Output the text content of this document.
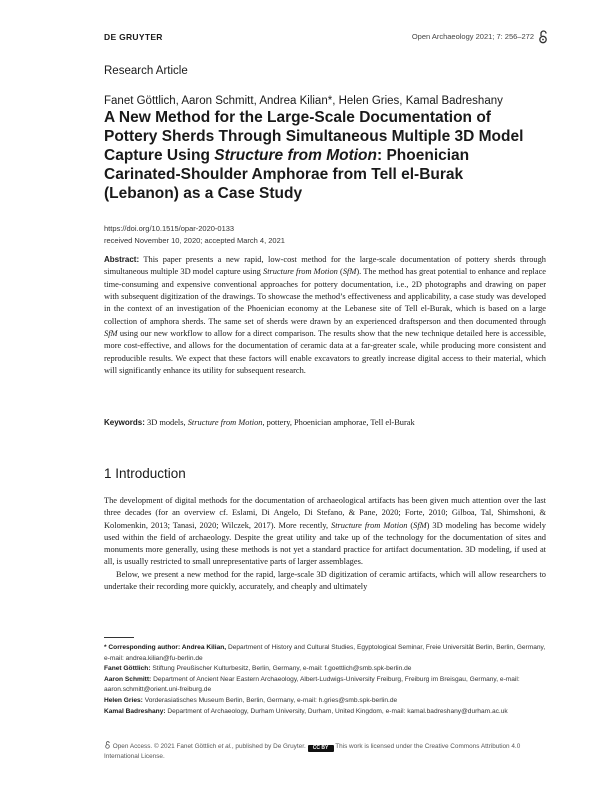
DE GRUYTER	Open Archaeology 2021; 7: 256–272
Research Article
Fanet Göttlich, Aaron Schmitt, Andrea Kilian*, Helen Gries, Kamal Badreshany
A New Method for the Large-Scale Documentation of Pottery Sherds Through Simultaneous Multiple 3D Model Capture Using Structure from Motion: Phoenician Carinated-Shoulder Amphorae from Tell el-Burak (Lebanon) as a Case Study
https://doi.org/10.1515/opar-2020-0133
received November 10, 2020; accepted March 4, 2021
Abstract: This paper presents a new rapid, low-cost method for the large-scale documentation of pottery sherds through simultaneous multiple 3D model capture using Structure from Motion (SfM). The method has great potential to enhance and replace time-consuming and expensive conventional approaches for pottery documentation, i.e., 2D photographs and drawing on paper with subsequent digitization of the drawings. To showcase the method’s effectiveness and applicability, a case study was developed in the context of an investigation of the Phoenician economy at the Lebanese site of Tell el-Burak, which is based on a large collection of amphora sherds. The same set of sherds were drawn by an experienced draftsperson and then documented through SfM using our new workflow to allow for a direct comparison. The results show that the new technique detailed here is accessible, more cost-effective, and allows for the documentation of ceramic data at a far-greater scale, while producing more consistent and reproducible results. We expect that these factors will enable excavators to greatly increase digital access to their material, which will significantly enhance its utility for subsequent research.
Keywords: 3D models, Structure from Motion, pottery, Phoenician amphorae, Tell el-Burak
1 Introduction

The development of digital methods for the documentation of archaeological artifacts has been given much attention over the last three decades (for an overview cf. Eslami, Di Angelo, Di Stefano, & Pane, 2020; Forte, 2010; Gilboa, Tal, Shimshoni, & Kolomenkin, 2013; Tanasi, 2020; Wilczek, 2017). More recently, Structure from Motion (SfM) 3D modeling has become widely used within the field of archaeology. Despite the great utility and take up of the technology for the documentation of sites and monuments more generally, using these methods is not yet a standard practice for artifact documentation. 3D modeling, if used at all, is usually restricted to small unrepresentative parts of larger assemblages.

Below, we present a new method for the rapid, large-scale 3D digitization of ceramic artifacts, which will allow researchers to undertake their recording more quickly, accurately, and cheaply and ultimately

* Corresponding author: Andrea Kilian, Department of History and Cultural Studies, Egyptological Seminar, Freie Universität Berlin, Berlin, Germany, e-mail: andrea.kilian@fu-berlin.de
Fanet Göttlich: Stiftung Preußischer Kulturbesitz, Berlin, Germany, e-mail: f.goettlich@smb.spk-berlin.de
Aaron Schmitt: Department of Ancient Near Eastern Archaeology, Albert-Ludwigs-University Freiburg, Freiburg im Breisgau, Germany, e-mail: aaron.schmitt@orient.uni-freiburg.de
Helen Gries: Vorderasiatisches Museum Berlin, Berlin, Germany, e-mail: h.gries@smb.spk-berlin.de
Kamal Badreshany: Department of Archaeology, Durham University, Durham, United Kingdom, e-mail: kamal.badreshany@durham.ac.uk
Open Access. © 2021 Fanet Göttlich et al., published by De Gruyter. CC BY This work is licensed under the Creative Commons Attribution 4.0 International License.
